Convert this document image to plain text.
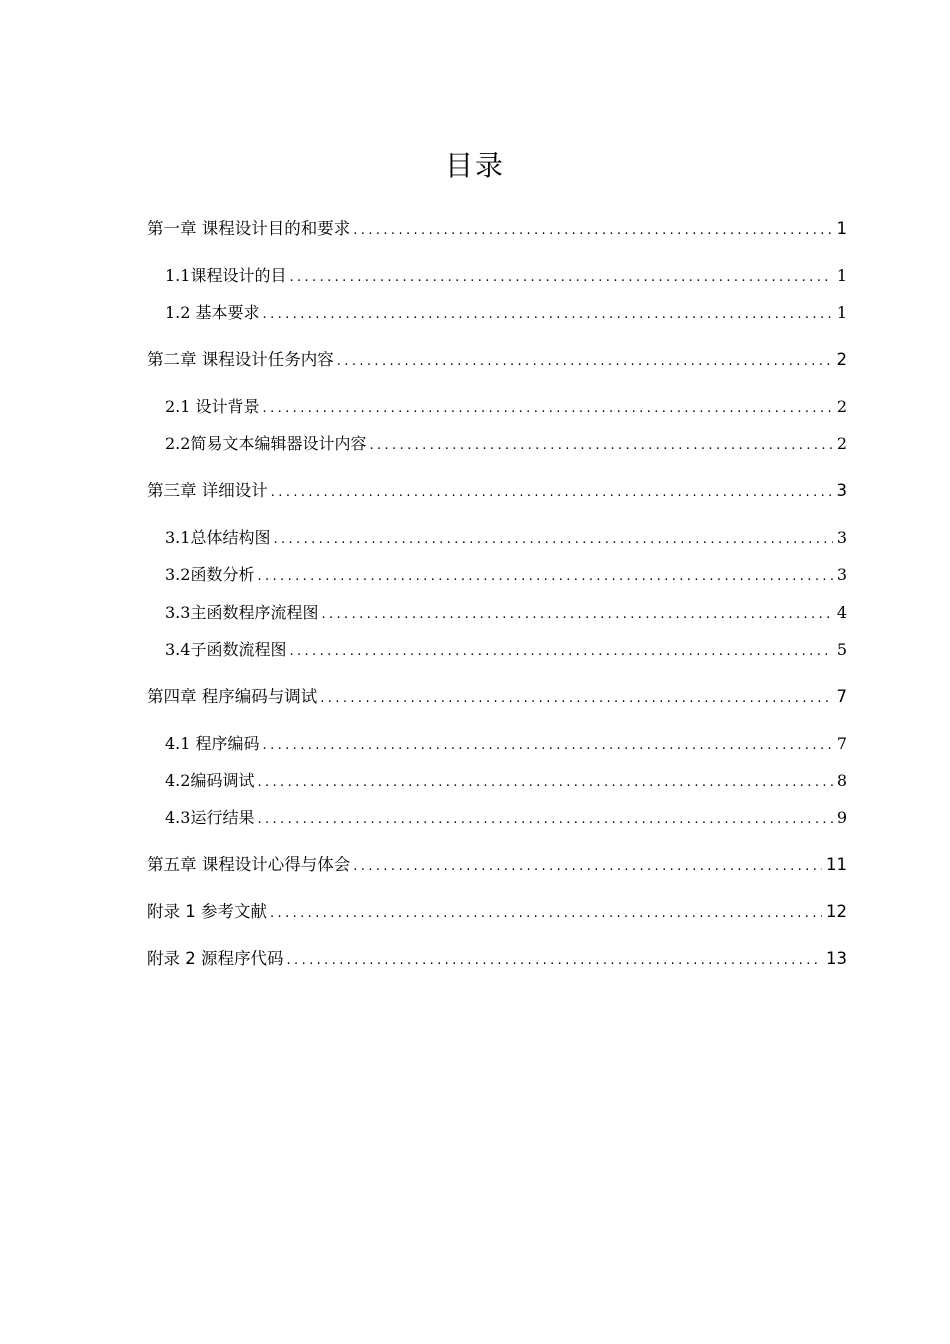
目录
第一章 课程设计目的和要求 .....	1
1.1课程设计的目 .....	1
1.2 基本要求 .....	1
第二章 课程设计任务内容 .....	2
2.1 设计背景 .....	2
2.2简易文本编辑器设计内容 .....	2
第三章 详细设计 .....	3
3.1总体结构图 .....	3
3.2函数分析 .....	3
3.3主函数程序流程图 .....	4
3.4子函数流程图 .....	5
第四章 程序编码与调试 .....	7
4.1 程序编码 .....	7
4.2编码调试 .....	8
4.3运行结果 .....	9
第五章 课程设计心得与体会 .....	11
附录 1 参考文献 .....	12
附录 2 源程序代码 .....	13
